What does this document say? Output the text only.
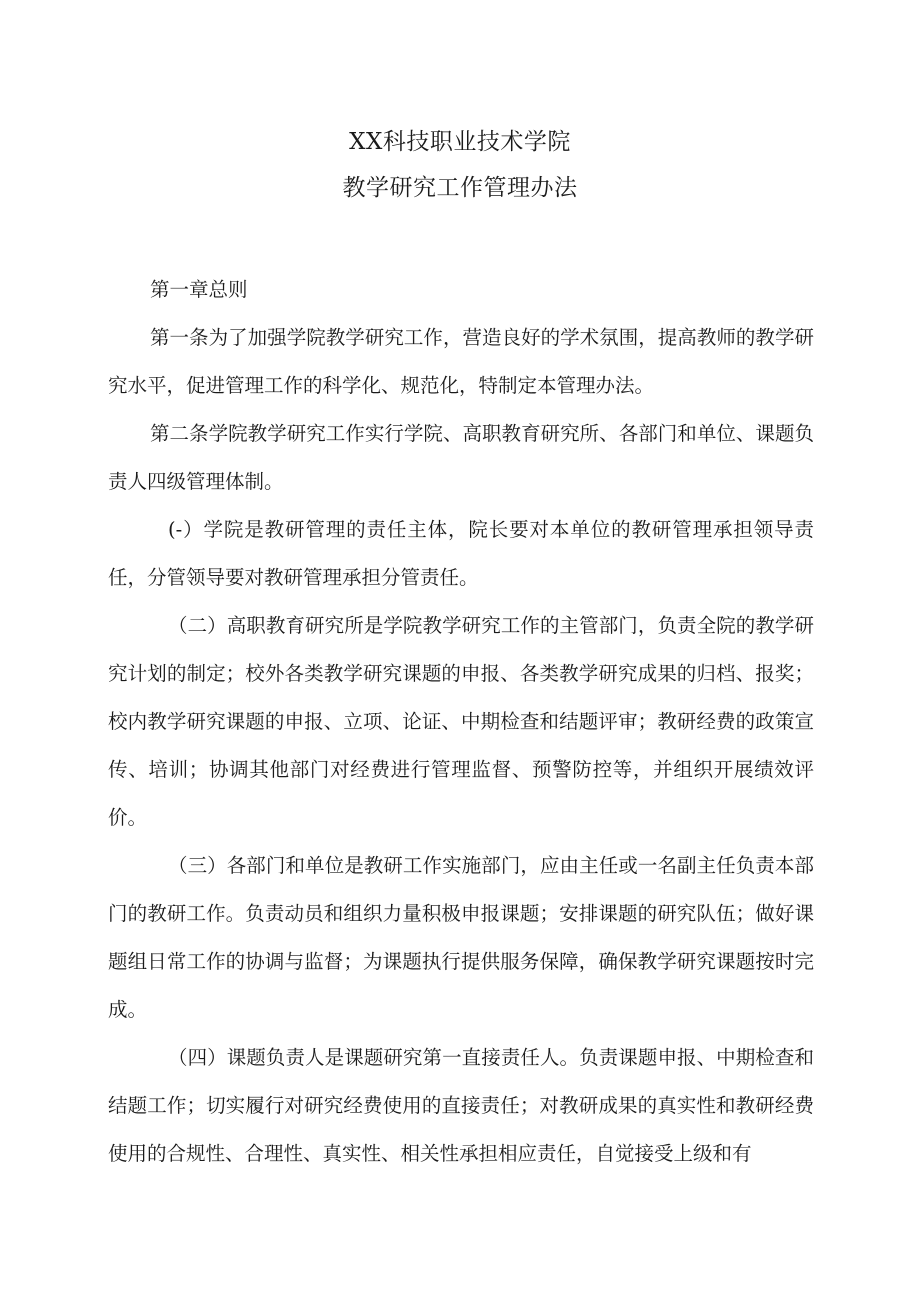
XX科技职业技术学院
教学研究工作管理办法

第一章总则

第一条为了加强学院教学研究工作，营造良好的学术氛围，提高教师的教学研究水平，促进管理工作的科学化、规范化，特制定本管理办法。

第二条学院教学研究工作实行学院、高职教育研究所、各部门和单位、课题负责人四级管理体制。

(-）学院是教研管理的责任主体，院长要对本单位的教研管理承担领导责任，分管领导要对教研管理承担分管责任。

（二）高职教育研究所是学院教学研究工作的主管部门，负责全院的教学研究计划的制定；校外各类教学研究课题的申报、各类教学研究成果的归档、报奖；校内教学研究课题的申报、立项、论证、中期检查和结题评审；教研经费的政策宣传、培训；协调其他部门对经费进行管理监督、预警防控等，并组织开展绩效评价。

（三）各部门和单位是教研工作实施部门，应由主任或一名副主任负责本部门的教研工作。负责动员和组织力量积极申报课题；安排课题的研究队伍；做好课题组日常工作的协调与监督；为课题执行提供服务保障，确保教学研究课题按时完成。

（四）课题负责人是课题研究第一直接责任人。负责课题申报、中期检查和结题工作；切实履行对研究经费使用的直接责任；对教研成果的真实性和教研经费使用的合规性、合理性、真实性、相关性承担相应责任，自觉接受上级和有
